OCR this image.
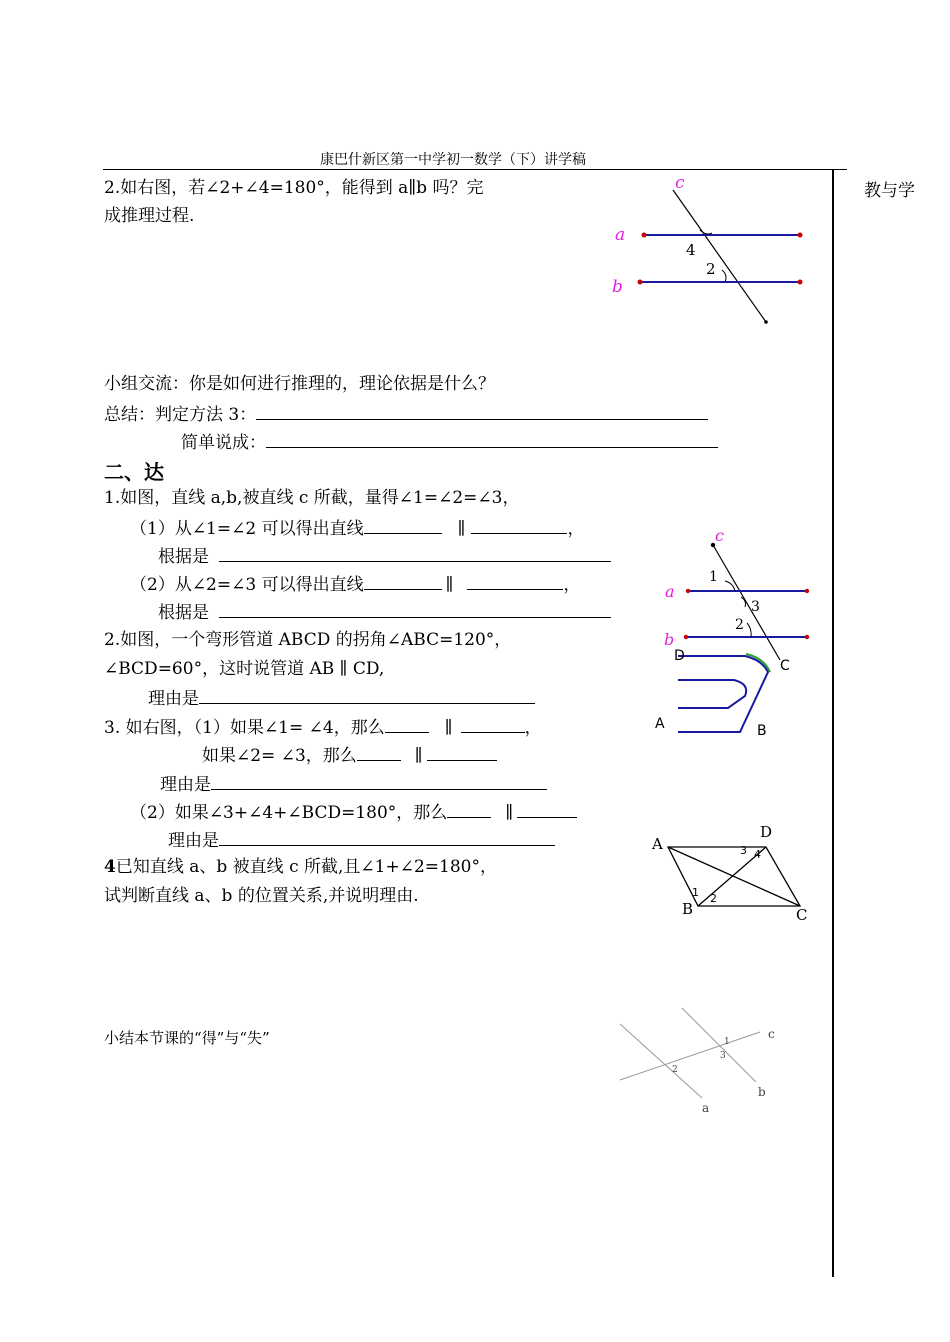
康巴什新区第一中学初一数学（下）讲学稿
教与学
2.如右图，若∠2+∠4=180°，能得到 a∥b 吗？完
成推理过程.
c
a
b
4
2
小组交流：你是如何进行推理的，理论依据是什么？
总结：判定方法 3：
简单说成：
二、达
1.如图，直线 a,b,被直线 c 所截，量得∠1=∠2=∠3，
（1）从∠1=∠2 可以得出直线	∥	，
根据是
（2）从∠2=∠3 可以得出直线	∥	，
根据是
c
a
b
1
3
2
2.如图，一个弯形管道 ABCD 的拐角∠ABC=120°，
∠BCD=60°，这时说管道 AB ∥ CD,
理由是
D
C
A	B
3. 如右图，（1）如果∠1= ∠4，那么	∥	，
如果∠2= ∠3，那么	∥
理由是
（2）如果∠3+∠4+∠BCD=180°，那么	∥
理由是	A
D
B	C
3 4
1 2
4已知直线 a、b 被直线 c 所截,且∠1+∠2=180°，
试判断直线 a、b 的位置关系,并说明理由.
小结本节课的“得”与“失”	c
a
b
1
3
2
